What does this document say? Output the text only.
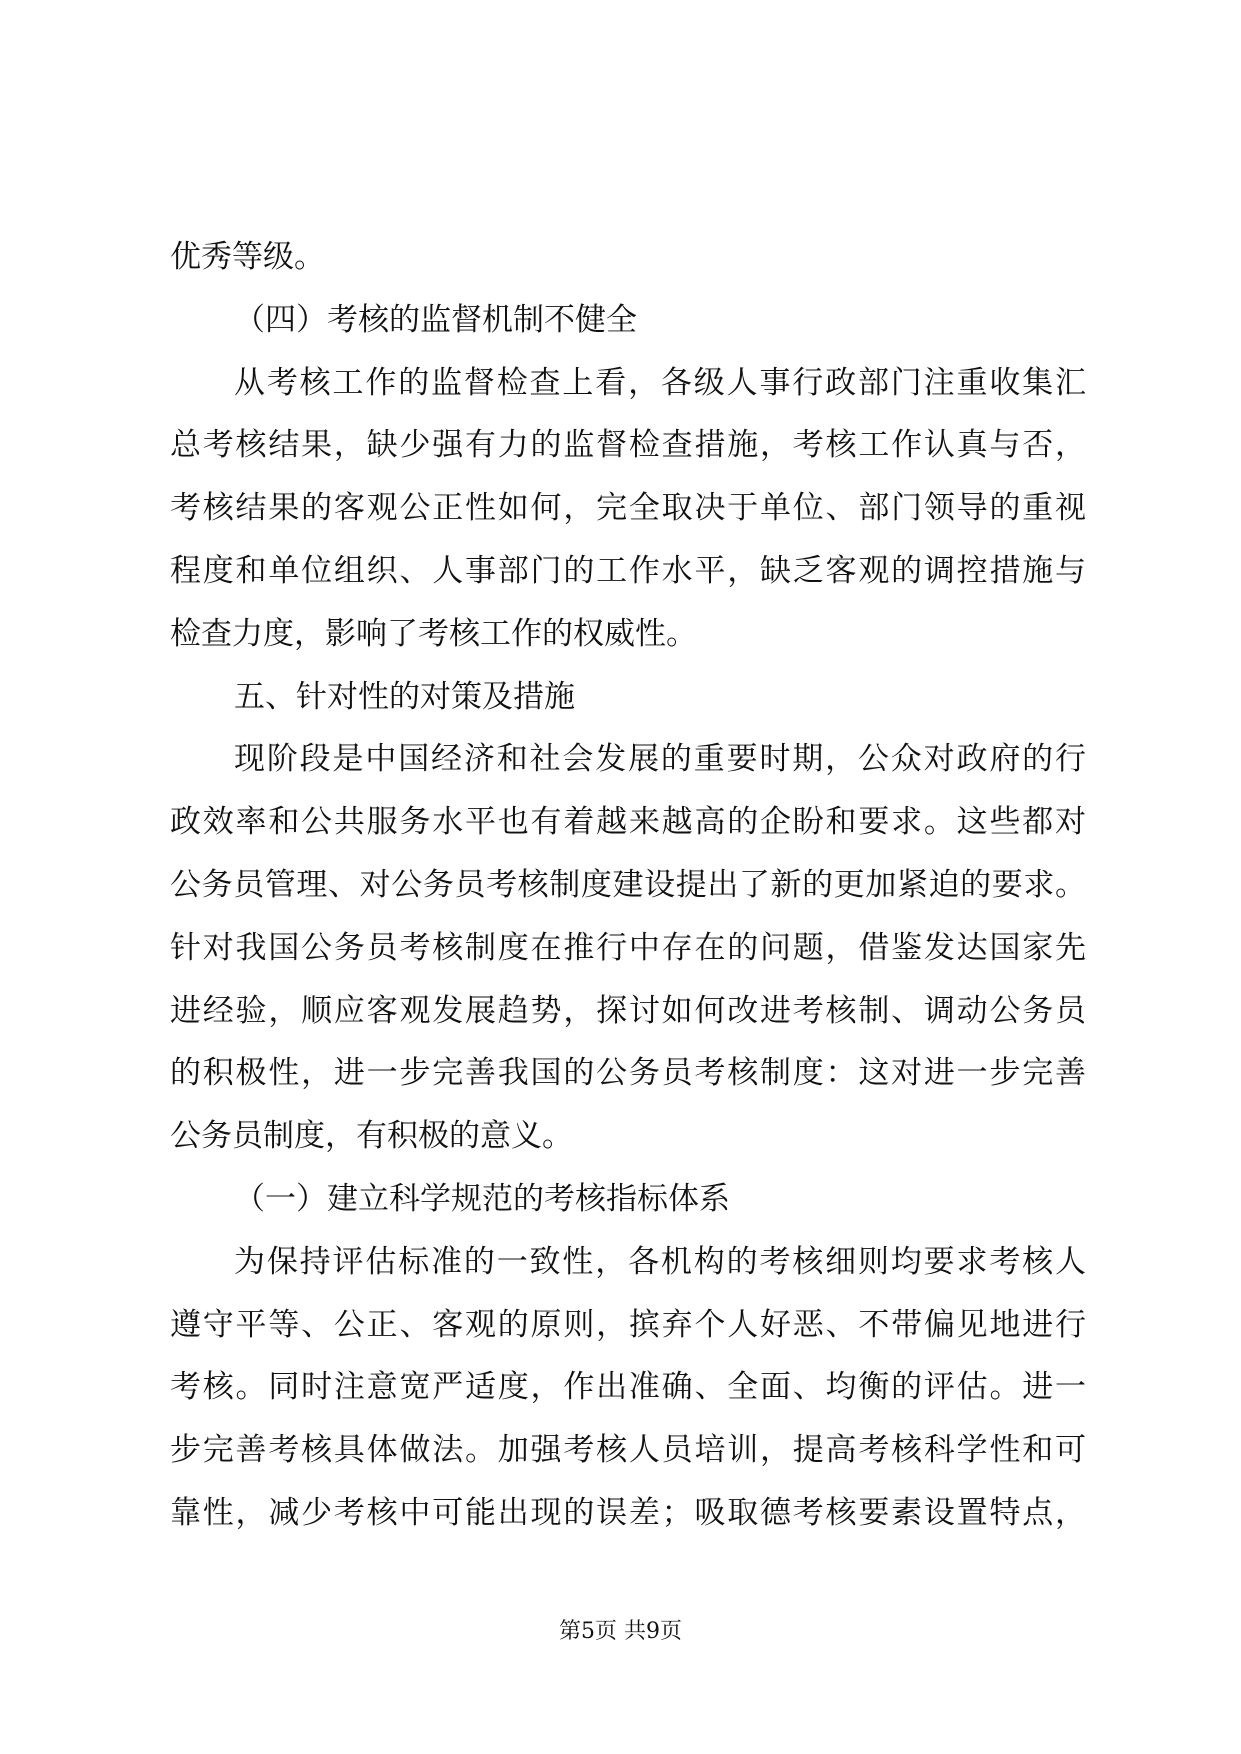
优秀等级。
（四）考核的监督机制不健全
从考核工作的监督检查上看，各级人事行政部门注重收集汇
总考核结果，缺少强有力的监督检查措施，考核工作认真与否，
考核结果的客观公正性如何，完全取决于单位、部门领导的重视
程度和单位组织、人事部门的工作水平，缺乏客观的调控措施与
检查力度，影响了考核工作的权威性。
五、针对性的对策及措施
现阶段是中国经济和社会发展的重要时期，公众对政府的行
政效率和公共服务水平也有着越来越高的企盼和要求。这些都对
公务员管理、对公务员考核制度建设提出了新的更加紧迫的要求。
针对我国公务员考核制度在推行中存在的问题，借鉴发达国家先
进经验，顺应客观发展趋势，探讨如何改进考核制、调动公务员
的积极性，进一步完善我国的公务员考核制度：这对进一步完善
公务员制度，有积极的意义。
（一）建立科学规范的考核指标体系
为保持评估标准的一致性，各机构的考核细则均要求考核人
遵守平等、公正、客观的原则，摈弃个人好恶、不带偏见地进行
考核。同时注意宽严适度，作出准确、全面、均衡的评估。进一
步完善考核具体做法。加强考核人员培训，提高考核科学性和可
靠性，减少考核中可能出现的误差；吸取德考核要素设置特点，
第5页 共9页
